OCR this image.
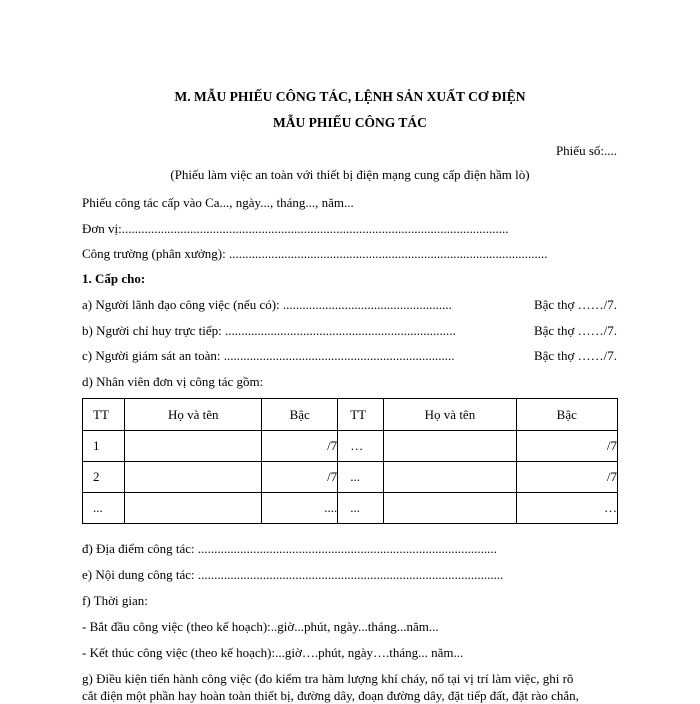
M. MẪU PHIẾU CÔNG TÁC, LỆNH SẢN XUẤT CƠ ĐIỆN
MẪU PHIẾU CÔNG TÁC
Phiếu số:....
(Phiếu làm việc an toàn với thiết bị điện mạng cung cấp điện hầm lò)
Phiếu công tác cấp vào Ca..., ngày..., tháng..., năm...
Đơn vị:.......................................................................................................................
Công trường (phân xưởng): ..................................................................................................
1. Cấp cho:
a) Người lãnh đạo công việc (nếu có): ....................................................	Bậc thợ ……/7.
b) Người chỉ huy trực tiếp: .......................................................................	Bậc thợ ……/7.
c) Người giám sát an toàn: .......................................................................	Bậc thợ ……/7.
d) Nhân viên đơn vị công tác gồm:
TT	Họ và tên	Bậc	TT	Họ và tên	Bậc
1		/7	…		/7
2		/7	...		/7
...		....	...		…
đ) Địa điểm công tác: ............................................................................................
e) Nội dung công tác: ..............................................................................................
f) Thời gian:
- Bắt đầu công việc (theo kế hoạch):..giờ...phút, ngày...tháng...năm...
- Kết thúc công việc (theo kế hoạch):...giờ….phút, ngày….tháng... năm...
g) Điều kiện tiến hành công việc (đo kiểm tra hàm lượng khí cháy, nổ tại vị trí làm việc, ghi rõ
cắt điện một phần hay hoàn toàn thiết bị, đường dây, đoạn đường dây, đặt tiếp đất, đặt rào chắn,
